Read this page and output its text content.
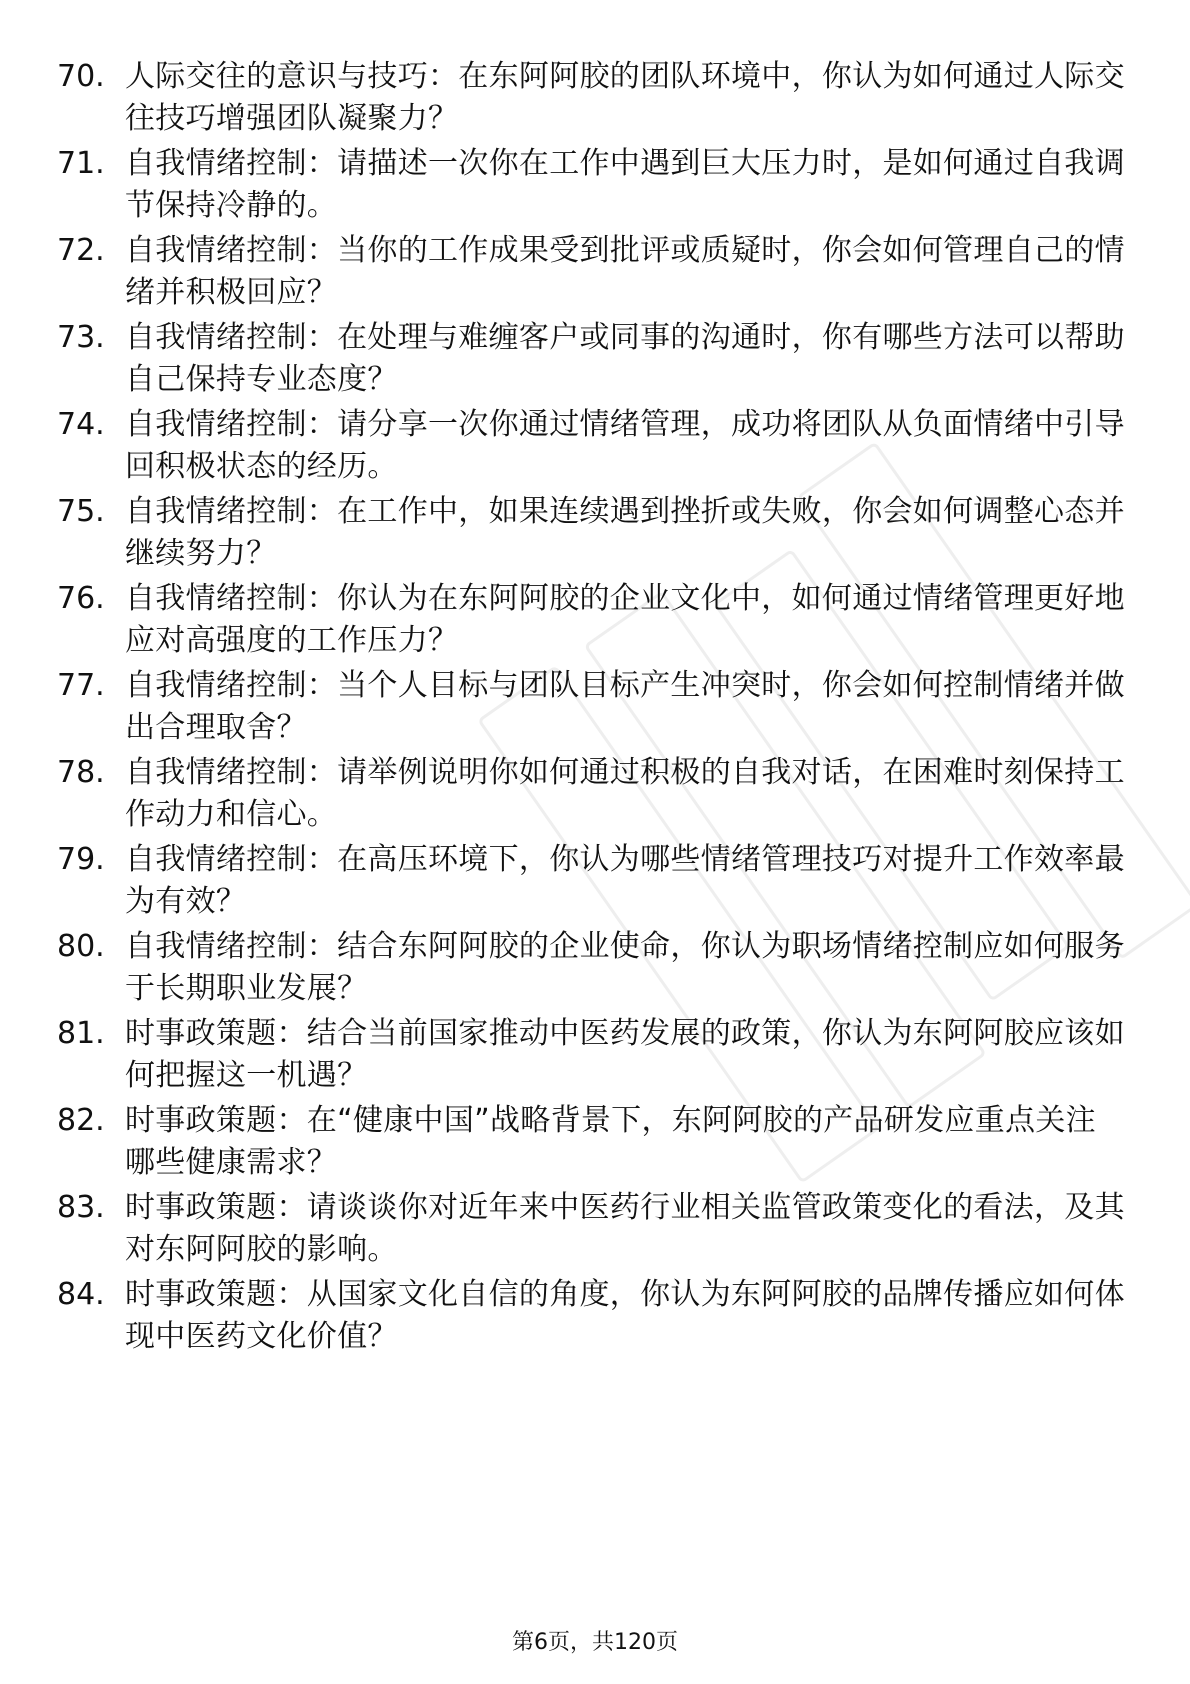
70. 人际交往的意识与技巧：在东阿阿胶的团队环境中，你认为如何通过人际交往技巧增强团队凝聚力？
71. 自我情绪控制：请描述一次你在工作中遇到巨大压力时，是如何通过自我调节保持冷静的。
72. 自我情绪控制：当你的工作成果受到批评或质疑时，你会如何管理自己的情绪并积极回应？
73. 自我情绪控制：在处理与难缠客户或同事的沟通时，你有哪些方法可以帮助自己保持专业态度？
74. 自我情绪控制：请分享一次你通过情绪管理，成功将团队从负面情绪中引导回积极状态的经历。
75. 自我情绪控制：在工作中，如果连续遇到挫折或失败，你会如何调整心态并继续努力？
76. 自我情绪控制：你认为在东阿阿胶的企业文化中，如何通过情绪管理更好地应对高强度的工作压力？
77. 自我情绪控制：当个人目标与团队目标产生冲突时，你会如何控制情绪并做出合理取舍？
78. 自我情绪控制：请举例说明你如何通过积极的自我对话，在困难时刻保持工作动力和信心。
79. 自我情绪控制：在高压环境下，你认为哪些情绪管理技巧对提升工作效率最为有效？
80. 自我情绪控制：结合东阿阿胶的企业使命，你认为职场情绪控制应如何服务于长期职业发展？
81. 时事政策题：结合当前国家推动中医药发展的政策，你认为东阿阿胶应该如何把握这一机遇？
82. 时事政策题：在“健康中国”战略背景下，东阿阿胶的产品研发应重点关注哪些健康需求？
83. 时事政策题：请谈谈你对近年来中医药行业相关监管政策变化的看法，及其对东阿阿胶的影响。
84. 时事政策题：从国家文化自信的角度，你认为东阿阿胶的品牌传播应如何体现中医药文化价值？
第6页，共120页
